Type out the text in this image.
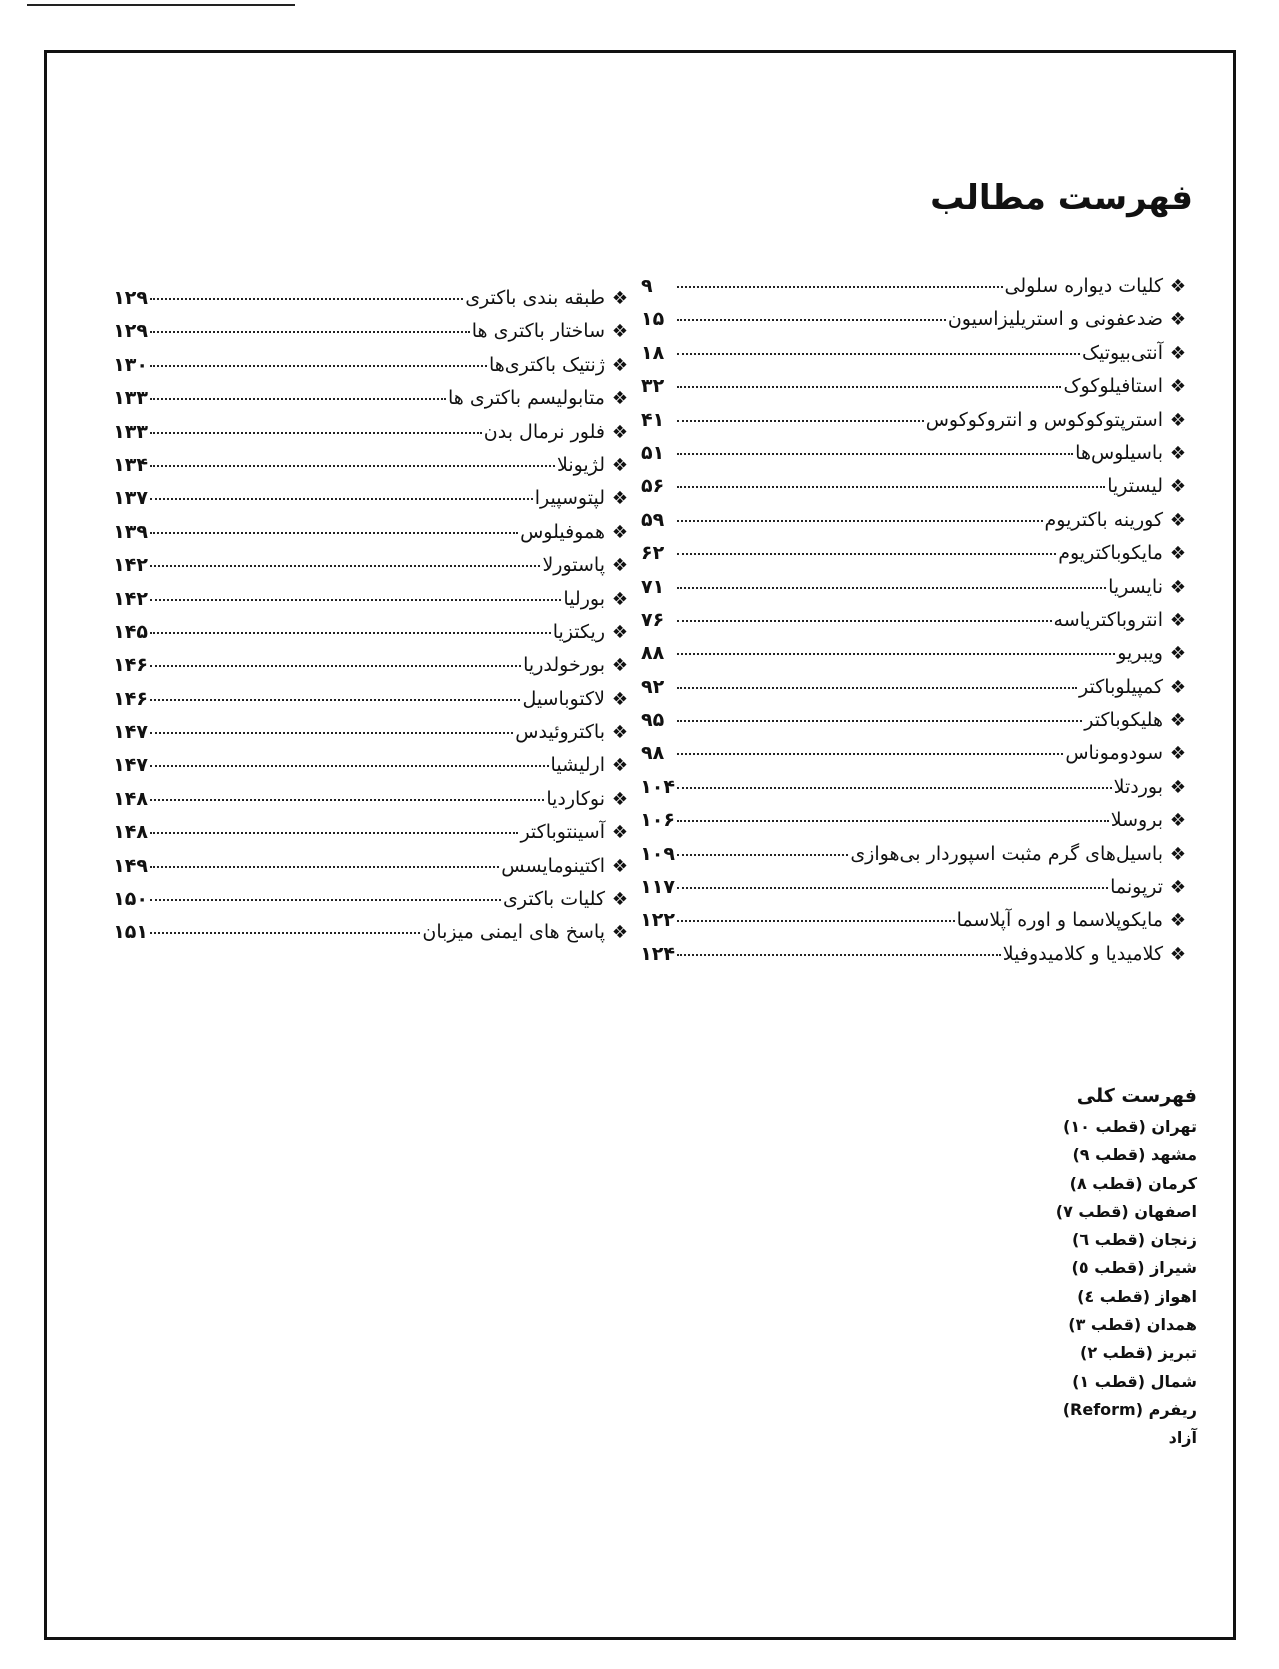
فهرست مطالب
❖
کلیات دیواره سلولی
۹
❖
ضدعفونی و استریلیزاسیون
۱۵
❖
آنتی‌بیوتیک
۱۸
❖
استافیلوکوک
۳۲
❖
استرپتوکوکوس و انتروکوکوس
۴۱
❖
باسیلوس‌ها
۵۱
❖
لیستریا
۵۶
❖
کورینه باکتریوم
۵۹
❖
مایکوباکتریوم
۶۲
❖
نایسریا
۷۱
❖
انتروباکتریاسه
۷۶
❖
ویبریو
۸۸
❖
کمپیلوباکتر
۹۲
❖
هلیکوباکتر
۹۵
❖
سودوموناس
۹۸
❖
بوردتلا
۱۰۴
❖
بروسلا
۱۰۶
❖
باسیل‌های گرم مثبت اسپوردار بی‌هوازی
۱۰۹
❖
ترپونما
۱۱۷
❖
مایکوپلاسما و اوره آپلاسما
۱۲۲
❖
کلامیدیا و کلامیدوفیلا
۱۲۴
❖
طبقه بندی باکتری
۱۲۹
❖
ساختار باکتری ها
۱۲۹
❖
ژنتیک باکتری‌ها
۱۳۰
❖
متابولیسم باکتری ها
۱۳۳
❖
فلور نرمال بدن
۱۳۳
❖
لژیونلا
۱۳۴
❖
لپتوسپیرا
۱۳۷
❖
هموفیلوس
۱۳۹
❖
پاستورلا
۱۴۲
❖
بورلیا
۱۴۲
❖
ریکتزیا
۱۴۵
❖
بورخولدریا
۱۴۶
❖
لاکتوباسیل
۱۴۶
❖
باکتروئیدس
۱۴۷
❖
ارلیشیا
۱۴۷
❖
نوکاردیا
۱۴۸
❖
آسینتوباکتر
۱۴۸
❖
اکتینومایسس
۱۴۹
❖
کلیات باکتری
۱۵۰
❖
پاسخ های ایمنی میزبان
۱۵۱
فهرست کلی
تهران (قطب ۱۰)
مشهد (قطب ۹)
کرمان (قطب ۸)
اصفهان (قطب ۷)
زنجان (قطب ٦)
شیراز (قطب ٥)
اهواز (قطب ٤)
همدان (قطب ۳)
تبریز (قطب ۲)
شمال (قطب ۱)
ریفرم (Reform)
آزاد
